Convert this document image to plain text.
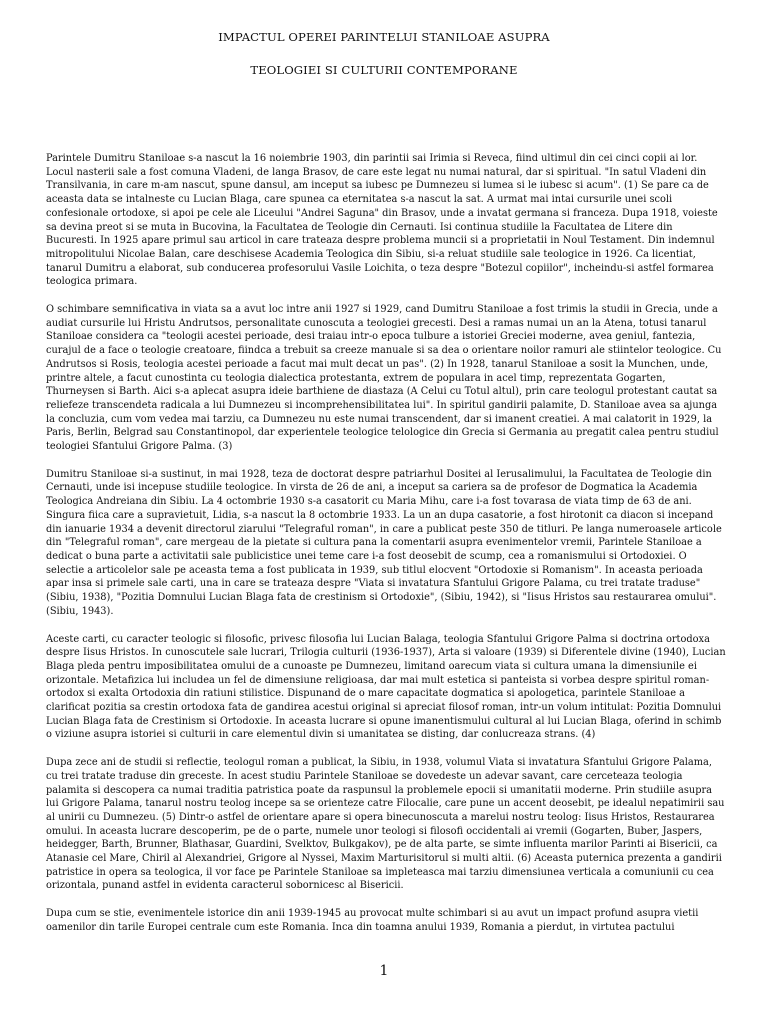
IMPACTUL OPEREI PARINTELUI STANILOAE ASUPRA
TEOLOGIEI SI CULTURII CONTEMPORANE

Parintele Dumitru Staniloae s-a nascut la 16 noiembrie 1903, din parintii sai Irimia si Reveca, fiind ultimul din cei cinci copii ai lor. Locul nasterii sale a fost comuna Vladeni, de langa Brasov, de care este legat nu numai natural, dar si spiritual. "In satul Vladeni din Transilvania, in care m-am nascut, spune dansul, am inceput sa iubesc pe Dumnezeu si lumea si le iubesc si acum". (1) Se pare ca de aceasta data se intalneste cu Lucian Blaga, care spunea ca eternitatea s-a nascut la sat. A urmat mai intai cursurile unei scoli confesionale ortodoxe, si apoi pe cele ale Liceului "Andrei Saguna" din Brasov, unde a invatat germana si franceza. Dupa 1918, voieste sa devina preot si se muta in Bucovina, la Facultatea de Teologie din Cernauti. Isi continua studiile la Facultatea de Litere din Bucuresti. In 1925 apare primul sau articol in care trateaza despre problema muncii si a proprietatii in Noul Testament. Din indemnul mitropolitului Nicolae Balan, care deschisese Academia Teologica din Sibiu, si-a reluat studiile sale teologice in 1926. Ca licentiat, tanarul Dumitru a elaborat, sub conducerea profesorului Vasile Loichita, o teza despre "Botezul copiilor", incheindu-si astfel formarea teologica primara.

O schimbare semnificativa in viata sa a avut loc intre anii 1927 si 1929, cand Dumitru Staniloae a fost trimis la studii in Grecia, unde a audiat cursurile lui Hristu Andrutsos, personalitate cunoscuta a teologiei grecesti. Desi a ramas numai un an la Atena, totusi tanarul Staniloae considera ca "teologii acestei perioade, desi traiau intr-o epoca tulbure a istoriei Greciei moderne, avea geniul, fantezia, curajul de a face o teologie creatoare, fiindca a trebuit sa creeze manuale si sa dea o orientare noilor ramuri ale stiintelor teologice. Cu Andrutsos si Rosis, teologia acestei perioade a facut mai mult decat un pas". (2) In 1928, tanarul Staniloae a sosit la Munchen, unde, printre altele, a facut cunostinta cu teologia dialectica protestanta, extrem de populara in acel timp, reprezentata Gogarten, Thurneysen si Barth. Aici s-a aplecat asupra ideie barthiene de diastaza (A Celui cu Totul altul), prin care teologul protestant cautat sa reliefeze transcendeta radicala a lui Dumnezeu si incomprehensibilitatea lui". In spiritul gandirii palamite, D. Staniloae avea sa ajunga la concluzia, cum vom vedea mai tarziu, ca Dumnezeu nu este numai transcendent, dar si imanent creatiei. A mai calatorit in 1929, la Paris, Berlin, Belgrad sau Constantinopol, dar experientele teologice telologice din Grecia si Germania au pregatit calea pentru studiul teologiei Sfantului Grigore Palma. (3)

Dumitru Staniloae si-a sustinut, in mai 1928, teza de doctorat despre patriarhul Dositei al Ierusalimului, la Facultatea de Teologie din Cernauti, unde isi incepuse studiile teologice. In virsta de 26 de ani, a inceput sa cariera sa de profesor de Dogmatica la Academia Teologica Andreiana din Sibiu. La 4 octombrie 1930 s-a casatorit cu Maria Mihu, care i-a fost tovarasa de viata timp de 63 de ani. Singura fiica care a supravietuit, Lidia, s-a nascut la 8 octombrie 1933. La un an dupa casatorie, a fost hirotonit ca diacon si incepand din ianuarie 1934 a devenit directorul ziarului "Telegraful roman", in care a publicat peste 350 de titluri. Pe langa numeroasele articole din "Telegraful roman", care mergeau de la pietate si cultura pana la comentarii asupra evenimentelor vremii, Parintele Staniloae a dedicat o buna parte a activitatii sale publicistice unei teme care i-a fost deosebit de scump, cea a romanismului si Ortodoxiei. O selectie a articolelor sale pe aceasta tema a fost publicata in 1939, sub titlul elocvent "Ortodoxie si Romanism". In aceasta perioada apar insa si primele sale carti, una in care se trateaza despre "Viata si invatatura Sfantului Grigore Palama, cu trei tratate traduse" (Sibiu, 1938), "Pozitia Domnului Lucian Blaga fata de crestinism si Ortodoxie", (Sibiu, 1942), si "Iisus Hristos sau restaurarea omului". (Sibiu, 1943).

Aceste carti, cu caracter teologic si filosofic, privesc filosofia lui Lucian Balaga, teologia Sfantului Grigore Palma si doctrina ortodoxa despre Iisus Hristos. In cunoscutele sale lucrari, Trilogia culturii (1936-1937), Arta si valoare (1939) si Diferentele divine (1940), Lucian Blaga pleda pentru imposibilitatea omului de a cunoaste pe Dumnezeu, limitand oarecum viata si cultura umana la dimensiunile ei orizontale. Metafizica lui includea un fel de dimensiune religioasa, dar mai mult estetica si panteista si vorbea despre spiritul roman-ortodox si exalta Ortodoxia din ratiuni stilistice. Dispunand de o mare capacitate dogmatica si apologetica, parintele Staniloae a clarificat pozitia sa crestin ortodoxa fata de gandirea acestui original si apreciat filosof roman, intr-un volum intitulat: Pozitia Domnului Lucian Blaga fata de Crestinism si Ortodoxie. In aceasta lucrare si opune imanentismului cultural al lui Lucian Blaga, oferind in schimb o viziune asupra istoriei si culturii in care elementul divin si umanitatea se disting, dar conlucreaza strans. (4)

Dupa zece ani de studii si reflectie, teologul roman a publicat, la Sibiu, in 1938, volumul Viata si invatatura Sfantului Grigore Palama, cu trei tratate traduse din greceste. In acest studiu Parintele Staniloae se dovedeste un adevar savant, care cerceteaza teologia palamita si descopera ca numai traditia patristica poate da raspunsul la problemele epocii si umanitatii moderne. Prin studiile asupra lui Grigore Palama, tanarul nostru teolog incepe sa se orienteze catre Filocalie, care pune un accent deosebit, pe idealul nepatimirii sau al unirii cu Dumnezeu. (5) Dintr-o astfel de orientare apare si opera binecunoscuta a marelui nostru teolog: Iisus Hristos, Restaurarea omului. In aceasta lucrare descoperim, pe de o parte, numele unor teologi si filosofi occidentali ai vremii (Gogarten, Buber, Jaspers, heidegger, Barth, Brunner, Blathasar, Guardini, Svelktov, Bulkgakov), pe de alta parte, se simte influenta marilor Parinti ai Bisericii, ca Atanasie cel Mare, Chiril al Alexandriei, Grigore al Nyssei, Maxim Marturisitorul si multi altii. (6) Aceasta puternica prezenta a gandirii patristice in opera sa teologica, il vor face pe Parintele Staniloae sa impleteasca mai tarziu dimensiunea verticala a comuniunii cu cea orizontala, punand astfel in evidenta caracterul sobornicesc al Bisericii.

Dupa cum se stie, evenimentele istorice din anii 1939-1945 au provocat multe schimbari si au avut un impact profund asupra vietii oamenilor din tarile Europei centrale cum este Romania. Inca din toamna anului 1939, Romania a pierdut, in virtutea pactului

1
